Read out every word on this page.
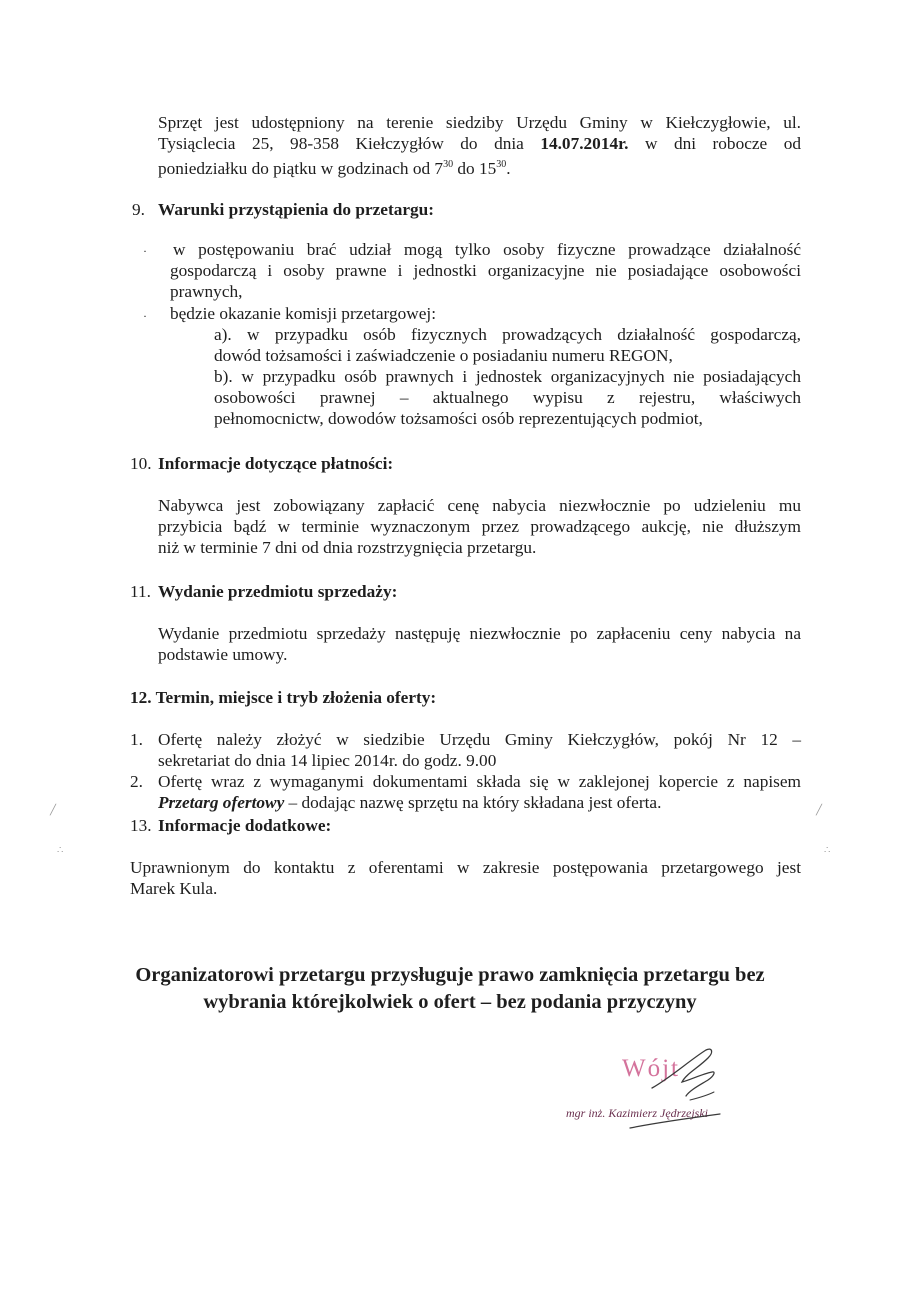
Sprzęt jest udostępniony na terenie siedziby Urzędu Gminy w Kiełczygłowie, ul.
Tysiąclecia 25, 98-358 Kiełczygłów do dnia 14.07.2014r. w dni robocze od
poniedziałku do piątku w godzinach od $7^{30}$ do $15^{30}$.
9. Warunki przystąpienia do przetargu:
· w postępowaniu brać udział mogą tylko osoby fizyczne prowadzące działalność
gospodarczą i osoby prawne i jednostki organizacyjne nie posiadające osobowości
prawnych,
· będzie okazanie komisji przetargowej:
a). w przypadku osób fizycznych prowadzących działalność gospodarczą,
dowód tożsamości i zaświadczenie o posiadaniu numeru REGON,
b). w przypadku osób prawnych i jednostek organizacyjnych nie posiadających
osobowości prawnej – aktualnego wypisu z rejestru, właściwych
pełnomocnictw, dowodów tożsamości osób reprezentujących podmiot,
10. Informacje dotyczące płatności:
Nabywca jest zobowiązany zapłacić cenę nabycia niezwłocznie po udzieleniu mu
przybicia bądź w terminie wyznaczonym przez prowadzącego aukcję, nie dłuższym
niż w terminie 7 dni od dnia rozstrzygnięcia przetargu.
11. Wydanie przedmiotu sprzedaży:
Wydanie przedmiotu sprzedaży następuję niezwłocznie po zapłaceniu ceny nabycia na
podstawie umowy.
12. Termin, miejsce i tryb złożenia oferty:
1. Ofertę należy złożyć w siedzibie Urzędu Gminy Kiełczygłów, pokój Nr 12 –
sekretariat do dnia 14 lipiec 2014r. do godz. 9.00
2. Ofertę wraz z wymaganymi dokumentami składa się w zaklejonej kopercie z napisem
Przetarg ofertowy – dodając nazwę sprzętu na który składana jest oferta.
13. Informacje dodatkowe:
Uprawnionym do kontaktu z oferentami w zakresie postępowania przetargowego jest
Marek Kula.
Organizatorowi przetargu przysługuje prawo zamknięcia przetargu bez
wybrania którejkolwiek o ofert – bez podania przyczyny
Wójt
mgr inż. Kazimierz Jędrzejski
╱
∴
╱
∴
